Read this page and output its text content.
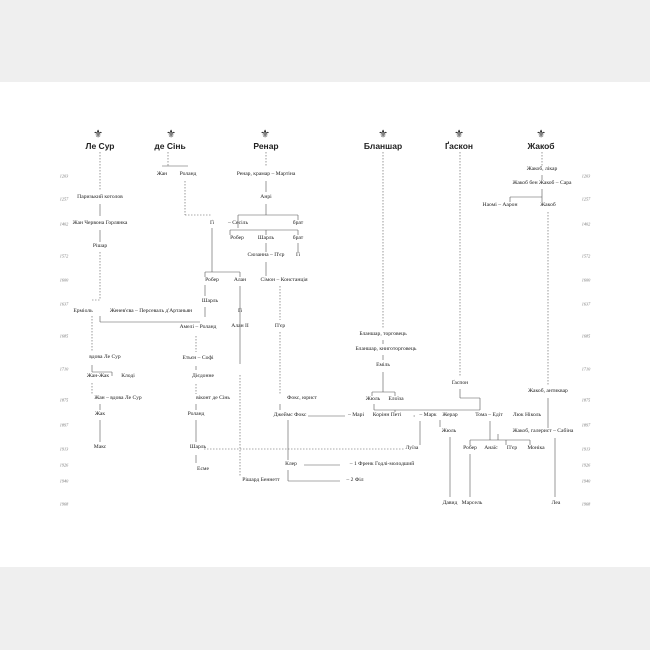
1203
1257
1402
1572
1600
1637
1685
1710
1875
1897
1913
1926
1940
1968
1203
1257
1402
1572
1600
1637
1685
1710
1875
1897
1913
1926
1940
1968
⚜
Ле Сур
⚜
де Сінь
⚜
Ренар
⚜
Бланшар
⚜
Ґаскон
⚜
Жакоб
Жан Роланд	Ренар, крамар – Мартіна
Жакоб, лікар
Жакоб бен Жакоб – Сара
Паризький котолов	Анрі
Наомі – Аарон	Жакоб
Жан Червона Горлянка	Ґі – Сесіль	брат
Робер Шарль	брат
Рішар
Сюзанна – П'єр Ґі
Робер	Алан	Сімон – Констанція
Шарль
Ерміоль	Женев'єва – Персеваль д'Артаньян
Амелі – Роланд
Ґі
Алан II	П'єр
Бланшар, торговець
Бланшар, книготорговець
вдова Ле Сур	Етьєн – Софі
Еміль
Жан-Жак Клоді	Дієдонне
Ґаспон
Жакоб, антиквар
Жан – вдова Ле Сур	віконт де Сінь	Фокс, юрист	Жюль Елоїза
Жак	Роланд	Джеймс Фокс	– Марі Корінн Петі	– Марк Жерар	Тома – Едіт Люк Ніколь
Жакоб, галерист – Сабіна
Жюль
Макс	Шарль	Луїза	Робер Анаїс П'єр Моніка
Есме
Клер	– 1 Френк Годлі-молодший
– 2 Філ
Рішард Беннетт
Давид Марсель	Леа
